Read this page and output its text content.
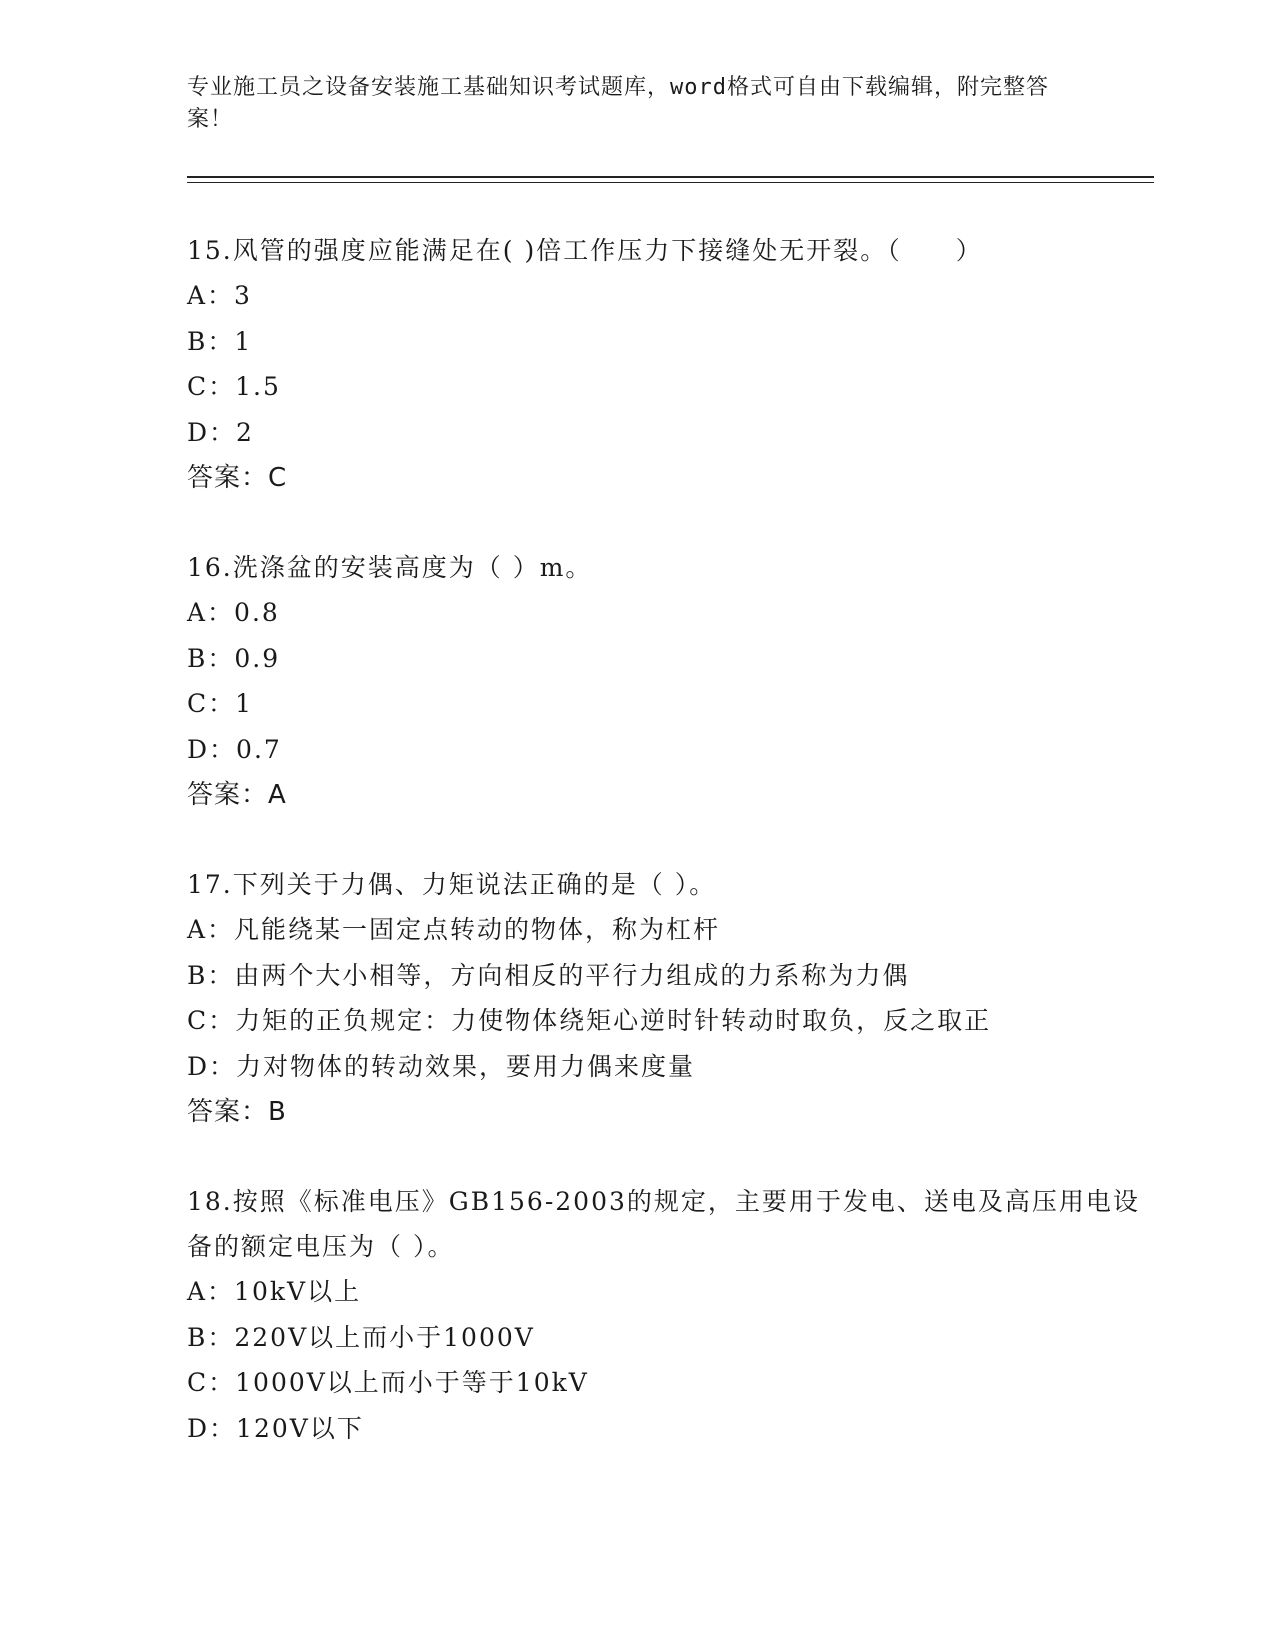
专业施工员之设备安装施工基础知识考试题库，word格式可自由下载编辑，附完整答案！
15.风管的强度应能满足在( )倍工作压力下接缝处无开裂。（　　）
A：3
B：1
C：1.5
D：2
答案：C
16.洗涤盆的安装高度为（ ）m。
A：0.8
B：0.9
C：1
D：0.7
答案：A
17.下列关于力偶、力矩说法正确的是（ ）。
A：凡能绕某一固定点转动的物体，称为杠杆
B：由两个大小相等，方向相反的平行力组成的力系称为力偶
C：力矩的正负规定：力使物体绕矩心逆时针转动时取负，反之取正
D：力对物体的转动效果，要用力偶来度量
答案：B
18.按照《标准电压》GB156-2003的规定，主要用于发电、送电及高压用电设备的额定电压为（ ）。
A：10kV以上
B：220V以上而小于1000V
C：1000V以上而小于等于10kV
D：120V以下
